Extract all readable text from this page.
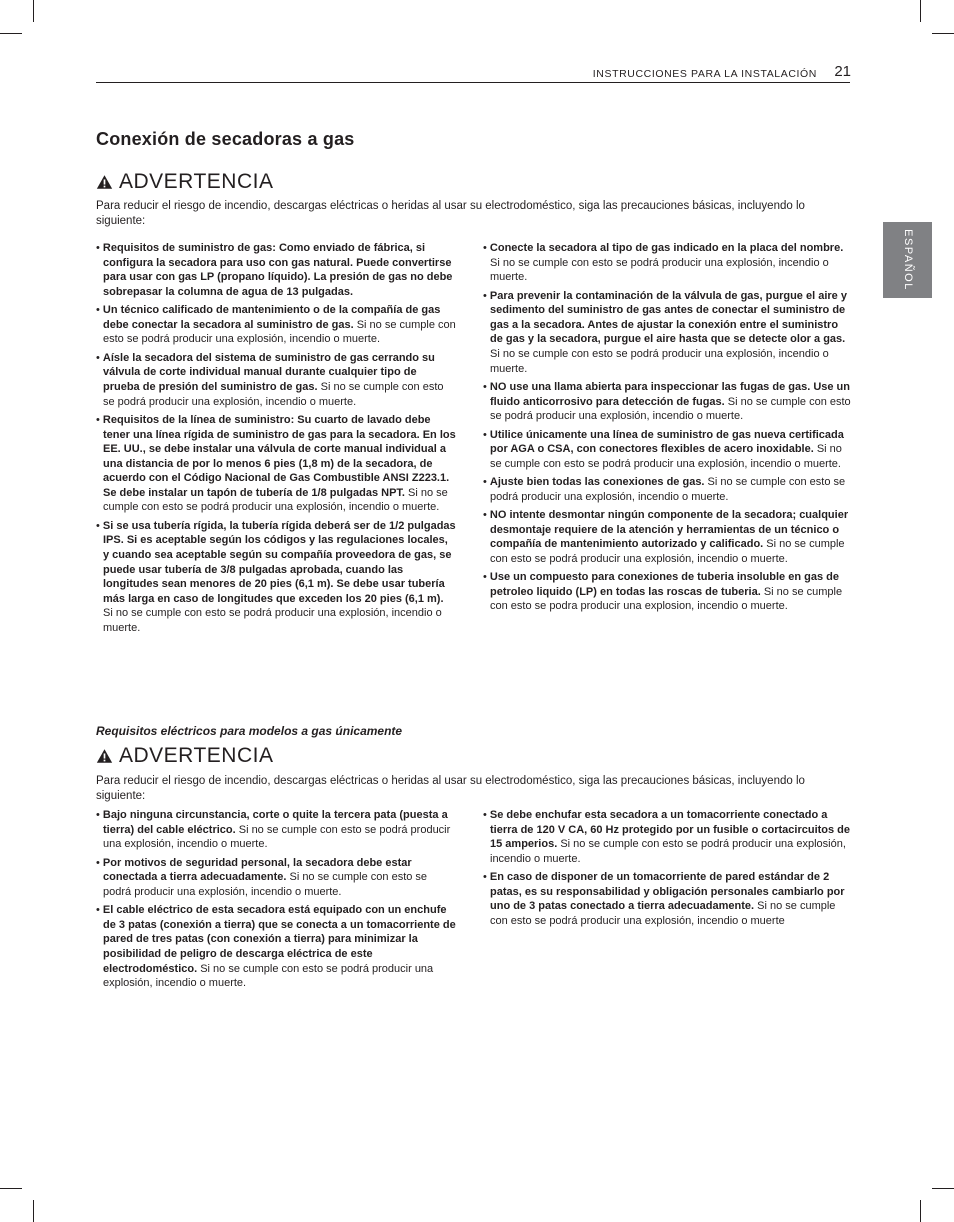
INSTRUCCIONES PARA LA INSTALACIÓN 21
ESPAÑOL
Conexión de secadoras a gas
ADVERTENCIA
Para reducir el riesgo de incendio, descargas eléctricas o heridas al usar su electrodoméstico, siga las precauciones básicas, incluyendo lo siguiente:
• Requisitos de suministro de gas: Como enviado de fábrica, si configura la secadora para uso con gas natural. Puede convertirse para usar con gas LP (propano líquido). La presión de gas no debe sobrepasar la columna de agua de 13 pulgadas.
• Un técnico calificado de mantenimiento o de la compañía de gas debe conectar la secadora al suministro de gas. Si no se cumple con esto se podrá producir una explosión, incendio o muerte.
• Aísle la secadora del sistema de suministro de gas cerrando su válvula de corte individual manual durante cualquier tipo de prueba de presión del suministro de gas. Si no se cumple con esto se podrá producir una explosión, incendio o muerte.
• Requisitos de la línea de suministro: Su cuarto de lavado debe tener una línea rígida de suministro de gas para la secadora. En los EE. UU., se debe instalar una válvula de corte manual individual a una distancia de por lo menos 6 pies (1,8 m) de la secadora, de acuerdo con el Código Nacional de Gas Combustible ANSI Z223.1. Se debe instalar un tapón de tubería de 1/8 pulgadas NPT. Si no se cumple con esto se podrá producir una explosión, incendio o muerte.
• Si se usa tubería rígida, la tubería rígida deberá ser de 1/2 pulgadas IPS. Si es aceptable según los códigos y las regulaciones locales, y cuando sea aceptable según su compañía proveedora de gas, se puede usar tubería de 3/8 pulgadas aprobada, cuando las longitudes sean menores de 20 pies (6,1 m). Se debe usar tubería más larga en caso de longitudes que exceden los 20 pies (6,1 m). Si no se cumple con esto se podrá producir una explosión, incendio o muerte.
• Conecte la secadora al tipo de gas indicado en la placa del nombre. Si no se cumple con esto se podrá producir una explosión, incendio o muerte.
• Para prevenir la contaminación de la válvula de gas, purgue el aire y sedimento del suministro de gas antes de conectar el suministro de gas a la secadora. Antes de ajustar la conexión entre el suministro de gas y la secadora, purgue el aire hasta que se detecte olor a gas. Si no se cumple con esto se podrá producir una explosión, incendio o muerte.
• NO use una llama abierta para inspeccionar las fugas de gas. Use un fluido anticorrosivo para detección de fugas. Si no se cumple con esto se podrá producir una explosión, incendio o muerte.
• Utilice únicamente una línea de suministro de gas nueva certificada por AGA o CSA, con conectores flexibles de acero inoxidable. Si no se cumple con esto se podrá producir una explosión, incendio o muerte.
• Ajuste bien todas las conexiones de gas. Si no se cumple con esto se podrá producir una explosión, incendio o muerte.
• NO intente desmontar ningún componente de la secadora; cualquier desmontaje requiere de la atención y herramientas de un técnico o compañía de mantenimiento autorizado y calificado. Si no se cumple con esto se podrá producir una explosión, incendio o muerte.
• Use un compuesto para conexiones de tuberia insoluble en gas de petroleo liquido (LP) en todas las roscas de tuberia. Si no se cumple con esto se podra producir una explosion, incendio o muerte.
Requisitos eléctricos para modelos a gas únicamente
ADVERTENCIA
Para reducir el riesgo de incendio, descargas eléctricas o heridas al usar su electrodoméstico, siga las precauciones básicas, incluyendo lo siguiente:
• Bajo ninguna circunstancia, corte o quite la tercera pata (puesta a tierra) del cable eléctrico. Si no se cumple con esto se podrá producir una explosión, incendio o muerte.
• Por motivos de seguridad personal, la secadora debe estar conectada a tierra adecuadamente. Si no se cumple con esto se podrá producir una explosión, incendio o muerte.
• El cable eléctrico de esta secadora está equipado con un enchufe de 3 patas (conexión a tierra) que se conecta a un tomacorriente de pared de tres patas (con conexión a tierra) para minimizar la posibilidad de peligro de descarga eléctrica de este electrodoméstico. Si no se cumple con esto se podrá producir una explosión, incendio o muerte.
• Se debe enchufar esta secadora a un tomacorriente conectado a tierra de 120 V CA, 60 Hz protegido por un fusible o cortacircuitos de 15 amperios. Si no se cumple con esto se podrá producir una explosión, incendio o muerte.
• En caso de disponer de un tomacorriente de pared estándar de 2 patas, es su responsabilidad y obligación personales cambiarlo por uno de 3 patas conectado a tierra adecuadamente. Si no se cumple con esto se podrá producir una explosión, incendio o muerte
